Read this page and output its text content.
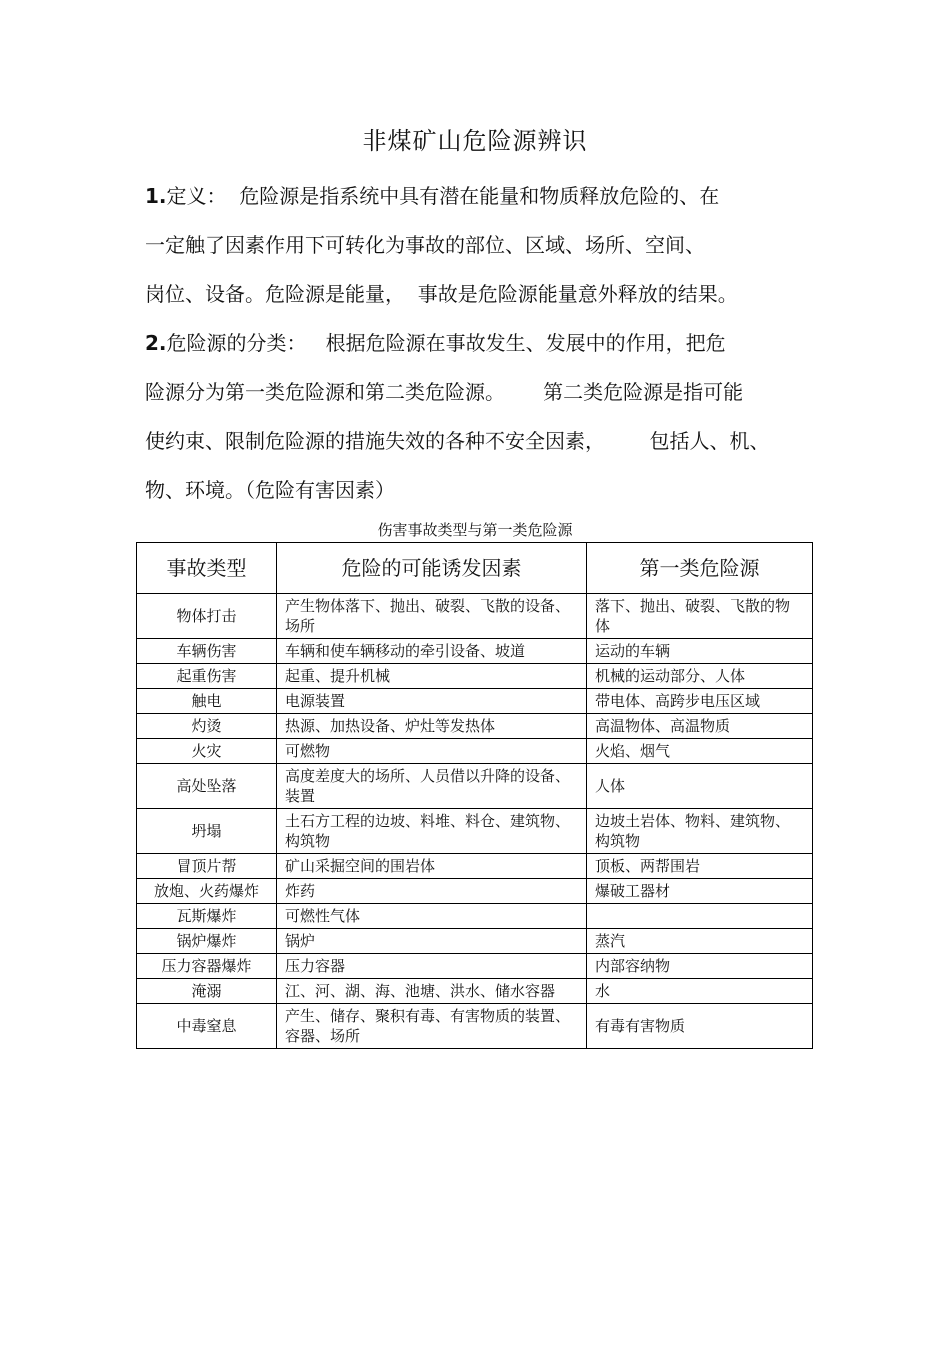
非煤矿山危险源辨识
1.定义：  危险源是指系统中具有潜在能量和物质释放危险的、在
一定触了因素作用下可转化为事故的部位、区域、场所、空间、
岗位、设备。危险源是能量，  事故是危险源能量意外释放的结果。
2.危险源的分类：   根据危险源在事故发生、发展中的作用，把危
险源分为第一类危险源和第二类危险源。      第二类危险源是指可能
使约束、限制危险源的措施失效的各种不安全因素，       包括人、机、
物、环境。（危险有害因素）
伤害事故类型与第一类危险源
事故类型	危险的可能诱发因素	第一类危险源
物体打击	产生物体落下、抛出、破裂、飞散的设备、场所	落下、抛出、破裂、飞散的物体
车辆伤害	车辆和使车辆移动的牵引设备、坡道	运动的车辆
起重伤害	起重、提升机械	机械的运动部分、人体
触电	电源装置	带电体、高跨步电压区域
灼烫	热源、加热设备、炉灶等发热体	高温物体、高温物质
火灾	可燃物	火焰、烟气
高处坠落	高度差度大的场所、人员借以升降的设备、装置	人体
坍塌	土石方工程的边坡、料堆、料仓、建筑物、构筑物	边坡土岩体、物料、建筑物、构筑物
冒顶片帮	矿山采掘空间的围岩体	顶板、两帮围岩
放炮、火药爆炸	炸药	爆破工器材
瓦斯爆炸	可燃性气体	
锅炉爆炸	锅炉	蒸汽
压力容器爆炸	压力容器	内部容纳物
淹溺	江、河、湖、海、池塘、洪水、储水容器	水
中毒窒息	产生、储存、聚积有毒、有害物质的装置、容器、场所	有毒有害物质
